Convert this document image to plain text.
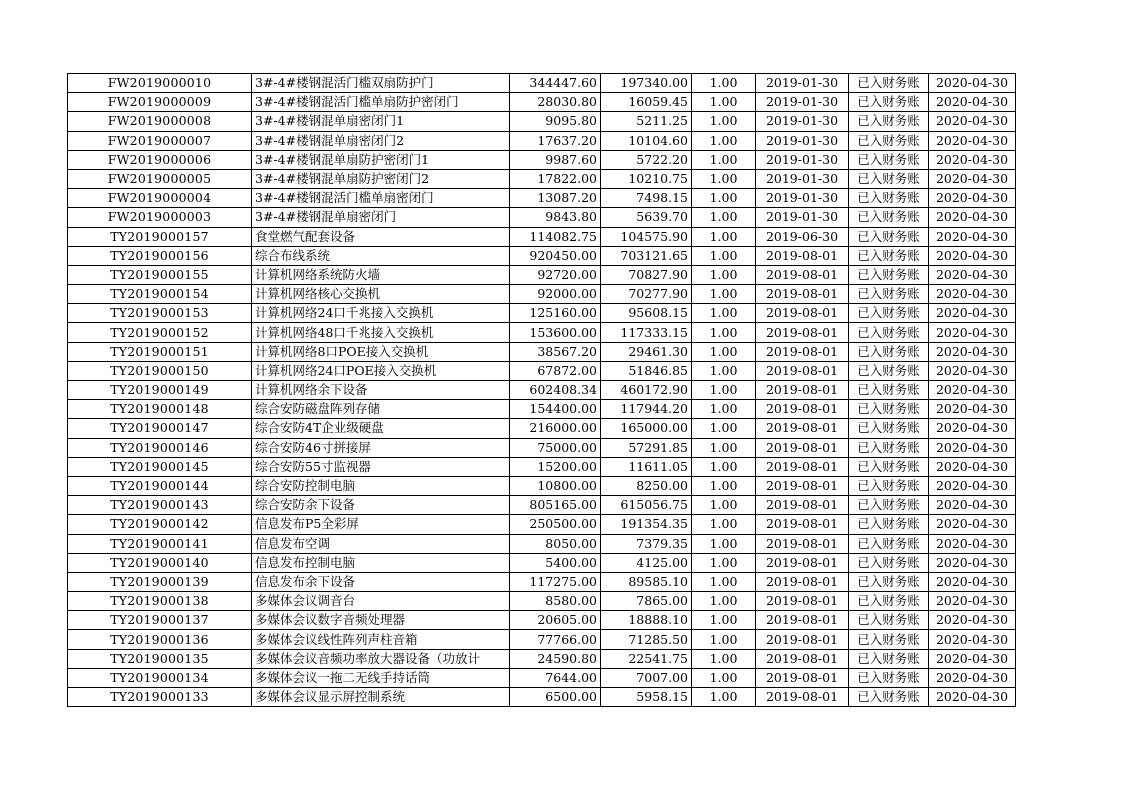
FW2019000010	3#-4#楼钢混活门槛双扇防护门	344447.60	197340.00	1.00	2019-01-30	已入财务账	2020-04-30
FW2019000009	3#-4#楼钢混活门槛单扇防护密闭门	28030.80	16059.45	1.00	2019-01-30	已入财务账	2020-04-30
FW2019000008	3#-4#楼钢混单扇密闭门1	9095.80	5211.25	1.00	2019-01-30	已入财务账	2020-04-30
FW2019000007	3#-4#楼钢混单扇密闭门2	17637.20	10104.60	1.00	2019-01-30	已入财务账	2020-04-30
FW2019000006	3#-4#楼钢混单扇防护密闭门1	9987.60	5722.20	1.00	2019-01-30	已入财务账	2020-04-30
FW2019000005	3#-4#楼钢混单扇防护密闭门2	17822.00	10210.75	1.00	2019-01-30	已入财务账	2020-04-30
FW2019000004	3#-4#楼钢混活门槛单扇密闭门	13087.20	7498.15	1.00	2019-01-30	已入财务账	2020-04-30
FW2019000003	3#-4#楼钢混单扇密闭门	9843.80	5639.70	1.00	2019-01-30	已入财务账	2020-04-30
TY2019000157	食堂燃气配套设备	114082.75	104575.90	1.00	2019-06-30	已入财务账	2020-04-30
TY2019000156	综合布线系统	920450.00	703121.65	1.00	2019-08-01	已入财务账	2020-04-30
TY2019000155	计算机网络系统防火墙	92720.00	70827.90	1.00	2019-08-01	已入财务账	2020-04-30
TY2019000154	计算机网络核心交换机	92000.00	70277.90	1.00	2019-08-01	已入财务账	2020-04-30
TY2019000153	计算机网络24口千兆接入交换机	125160.00	95608.15	1.00	2019-08-01	已入财务账	2020-04-30
TY2019000152	计算机网络48口千兆接入交换机	153600.00	117333.15	1.00	2019-08-01	已入财务账	2020-04-30
TY2019000151	计算机网络8口POE接入交换机	38567.20	29461.30	1.00	2019-08-01	已入财务账	2020-04-30
TY2019000150	计算机网络24口POE接入交换机	67872.00	51846.85	1.00	2019-08-01	已入财务账	2020-04-30
TY2019000149	计算机网络余下设备	602408.34	460172.90	1.00	2019-08-01	已入财务账	2020-04-30
TY2019000148	综合安防磁盘阵列存储	154400.00	117944.20	1.00	2019-08-01	已入财务账	2020-04-30
TY2019000147	综合安防4T企业级硬盘	216000.00	165000.00	1.00	2019-08-01	已入财务账	2020-04-30
TY2019000146	综合安防46寸拼接屏	75000.00	57291.85	1.00	2019-08-01	已入财务账	2020-04-30
TY2019000145	综合安防55寸监视器	15200.00	11611.05	1.00	2019-08-01	已入财务账	2020-04-30
TY2019000144	综合安防控制电脑	10800.00	8250.00	1.00	2019-08-01	已入财务账	2020-04-30
TY2019000143	综合安防余下设备	805165.00	615056.75	1.00	2019-08-01	已入财务账	2020-04-30
TY2019000142	信息发布P5全彩屏	250500.00	191354.35	1.00	2019-08-01	已入财务账	2020-04-30
TY2019000141	信息发布空调	8050.00	7379.35	1.00	2019-08-01	已入财务账	2020-04-30
TY2019000140	信息发布控制电脑	5400.00	4125.00	1.00	2019-08-01	已入财务账	2020-04-30
TY2019000139	信息发布余下设备	117275.00	89585.10	1.00	2019-08-01	已入财务账	2020-04-30
TY2019000138	多媒体会议调音台	8580.00	7865.00	1.00	2019-08-01	已入财务账	2020-04-30
TY2019000137	多媒体会议数字音频处理器	20605.00	18888.10	1.00	2019-08-01	已入财务账	2020-04-30
TY2019000136	多媒体会议线性阵列声柱音箱	77766.00	71285.50	1.00	2019-08-01	已入财务账	2020-04-30
TY2019000135	多媒体会议音频功率放大器设备（功放计	24590.80	22541.75	1.00	2019-08-01	已入财务账	2020-04-30
TY2019000134	多媒体会议一拖二无线手持话筒	7644.00	7007.00	1.00	2019-08-01	已入财务账	2020-04-30
TY2019000133	多媒体会议显示屏控制系统	6500.00	5958.15	1.00	2019-08-01	已入财务账	2020-04-30
